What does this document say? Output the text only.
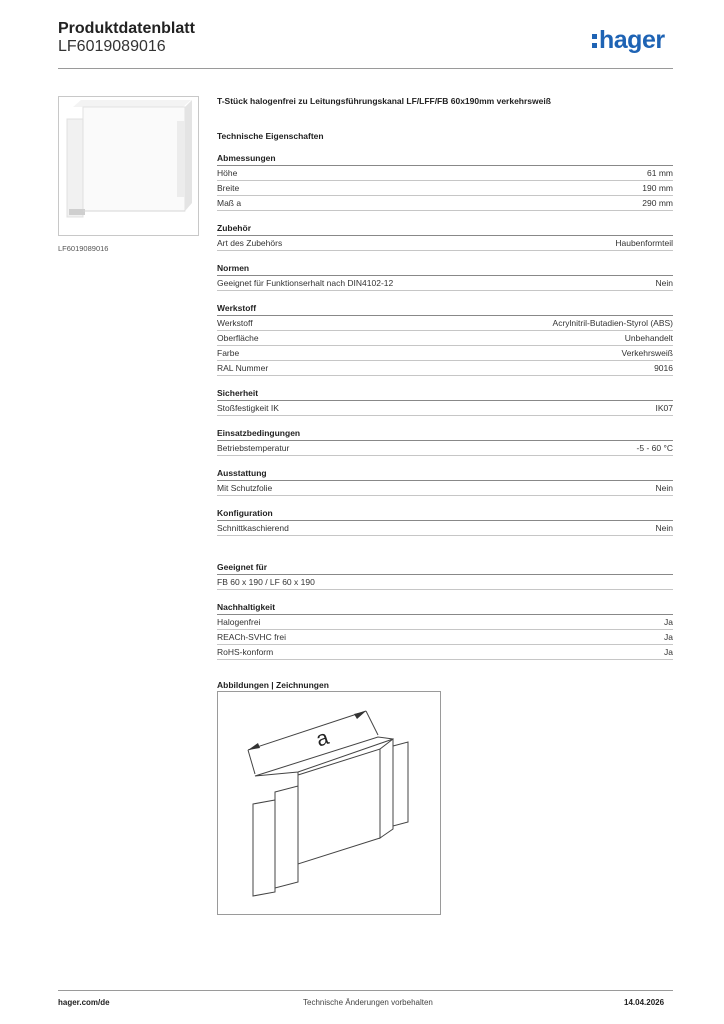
Produktdatenblatt
LF6019089016	hager
LF6019089016
T-Stück halogenfrei zu Leitungsführungskanal LF/LFF/FB 60x190mm verkehrsweiß
Technische Eigenschaften
Abmessungen
Höhe	61 mm
Breite	190 mm
Maß a	290 mm
Zubehör
Art des Zubehörs	Haubenformteil
Normen
Geeignet für Funktionserhalt nach DIN4102-12	Nein
Werkstoff
Werkstoff	Acrylnitril-Butadien-Styrol (ABS)
Oberfläche	Unbehandelt
Farbe	Verkehrsweiß
RAL Nummer	9016
Sicherheit
Stoßfestigkeit IK	IK07
Einsatzbedingungen
Betriebstemperatur	-5 - 60 °C
Ausstattung
Mit Schutzfolie	Nein
Konfiguration
Schnittkaschierend	Nein
Geeignet für
FB 60 x 190 / LF 60 x 190
Nachhaltigkeit
Halogenfrei	Ja
REACh-SVHC frei	Ja
RoHS-konform	Ja
Abbildungen | Zeichnungen
a
hager.com/de	Technische Änderungen vorbehalten	14.04.2026
